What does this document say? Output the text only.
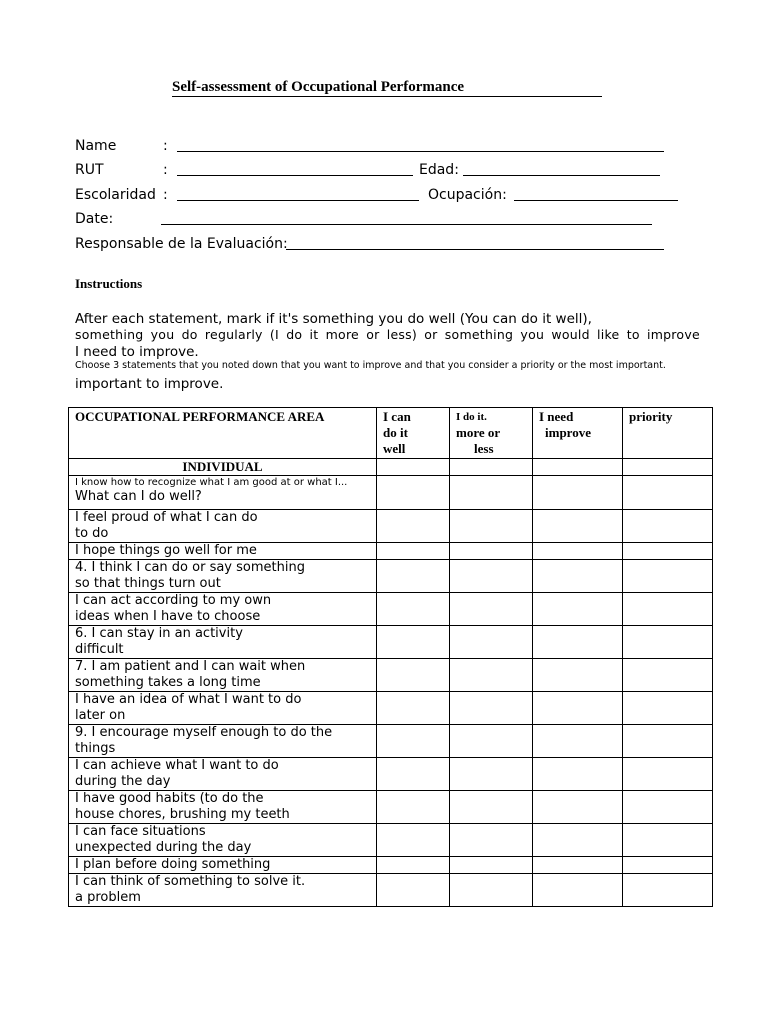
Self-assessment of Occupational Performance
Name	:
RUT	:	Edad:
Escolaridad :	Ocupación:
Date:
Responsable de la Evaluación:
Instructions
After each statement, mark if it's something you do well (You can do it well),
something you do regularly (I do it more or less) or something you would like to improve
I need to improve.
Choose 3 statements that you noted down that you want to improve and that you consider a priority or the most important.
important to improve.
OCCUPATIONAL PERFORMANCE AREA	I can
do it
well	I do it.
more or
less	I need
improve	priority

INDIVIDUAL				

I know how to recognize what I am good at or what I...
What can I do well?				

I feel proud of what I can do
to do				

I hope things go well for me				

4. I think I can do or say something
so that things turn out				

I can act according to my own
ideas when I have to choose				

6. I can stay in an activity
difficult				

7. I am patient and I can wait when
something takes a long time				

I have an idea of what I want to do
later on				

9. I encourage myself enough to do the
things				

I can achieve what I want to do
during the day				

I have good habits (to do the
house chores, brushing my teeth				

I can face situations
unexpected during the day				

I plan before doing something				

I can think of something to solve it.
a problem				
